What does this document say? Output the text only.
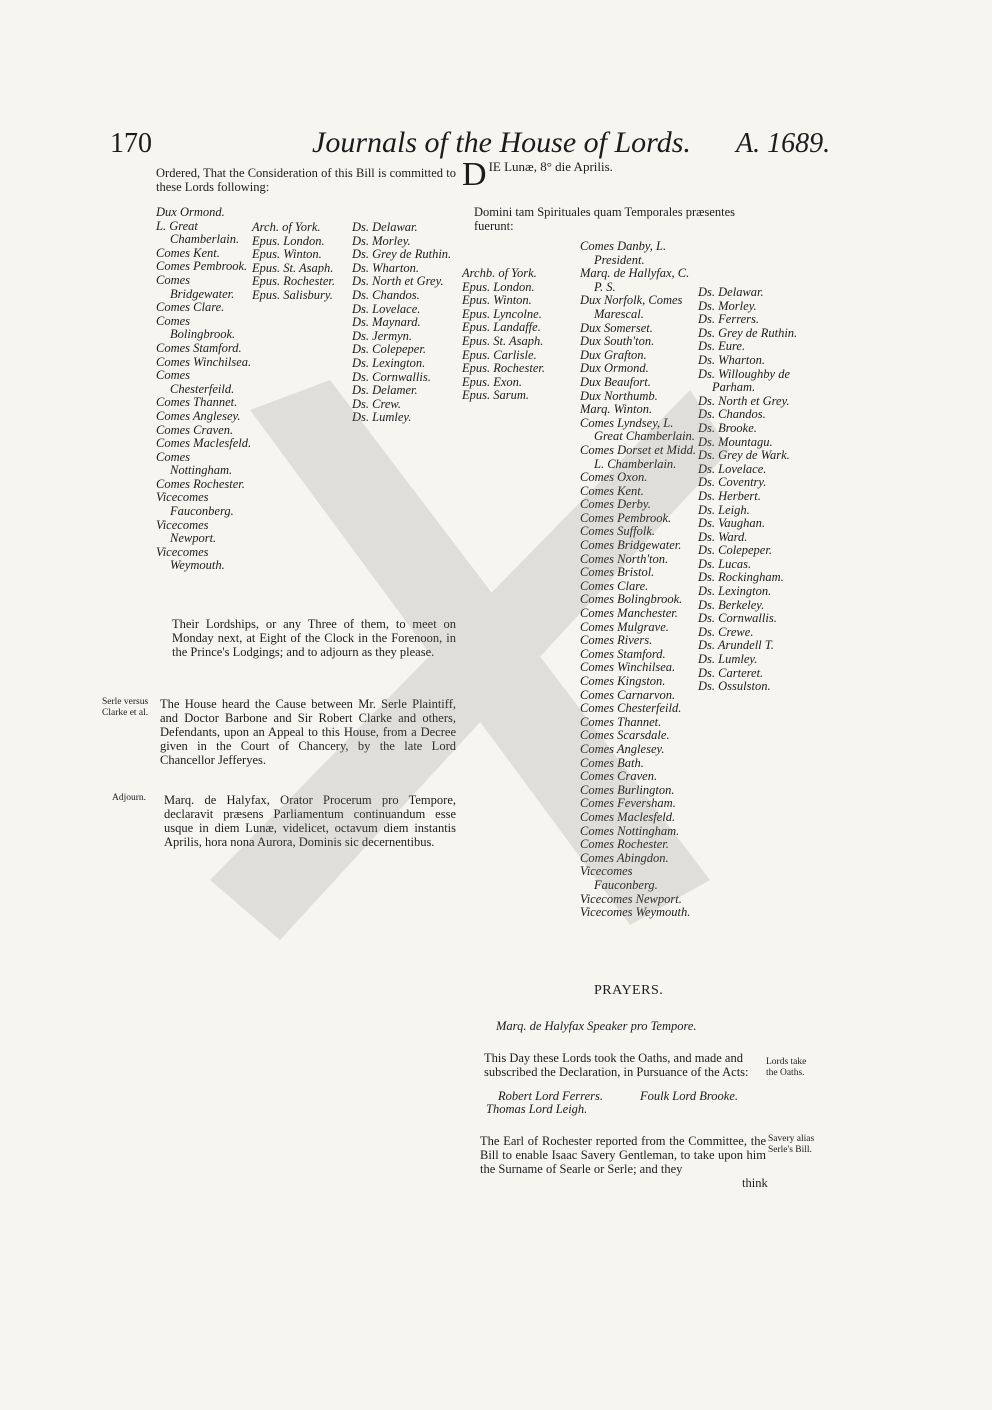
170	Journals of the House of Lords. A. 1689.
Ordered, That the Consideration of this Bill is committed to these Lords following:
Dux Ormond.
L. Great Chamberlain.
Comes Kent.
Comes Pembrook.
Comes Bridgewater.
Comes Clare.
Comes Bolingbrook.
Comes Stamford.
Comes Winchilsea.
Comes Chesterfeild.
Comes Thannet.
Comes Anglesey.
Comes Craven.
Comes Maclesfeld.
Comes Nottingham.
Comes Rochester.
Vicecomes Fauconberg.
Vicecomes Newport.
Vicecomes Weymouth.
Arch. of York.
Epus. London.
Epus. Winton.
Epus. St. Asaph.
Epus. Rochester.
Epus. Salisbury.
Ds. Delawar.
Ds. Morley.
Ds. Grey de Ruthin.
Ds. Wharton.
Ds. North et Grey.
Ds. Chandos.
Ds. Lovelace.
Ds. Maynard.
Ds. Jermyn.
Ds. Colepeper.
Ds. Lexington.
Ds. Cornwallis.
Ds. Delamer.
Ds. Crew.
Ds. Lumley.
Their Lordships, or any Three of them, to meet on Monday next, at Eight of the Clock in the Forenoon, in the Prince's Lodgings; and to adjourn as they please.
Serle versus Clarke et al.
The House heard the Cause between Mr. Serle Plaintiff, and Doctor Barbone and Sir Robert Clarke and others, Defendants, upon an Appeal to this House, from a Decree given in the Court of Chancery, by the late Lord Chancellor Jefferyes.
Adjourn.	Marq. de Halyfax, Orator Procerum pro Tempore, declaravit præsens Parliamentum continuandum esse usque in diem Lunæ, videlicet, octavum diem instantis Aprilis, hora nona Aurora, Dominis sic decernentibus.
D IE Lunæ, 8° die Aprilis.
Domini tam Spirituales quam Temporales præsentes fuerunt:
Archb. of York.
Epus. London.
Epus. Winton.
Epus. Lyncolne.
Epus. Landaffe.
Epus. St. Asaph.
Epus. Carlisle.
Epus. Rochester.
Epus. Exon.
Epus. Sarum.
Comes Danby, L. President.
Marq. de Hallyfax, C. P. S.
Dux Norfolk, Comes Marescal.
Dux Somerset.
Dux South'ton.
Dux Grafton.
Dux Ormond.
Dux Beaufort.
Dux Northumb.
Marq. Winton.
Comes Lyndsey, L. Great Chamberlain.
Comes Dorset et Midd. L. Chamberlain.
Comes Oxon.
Comes Kent.
Comes Derby.
Comes Pembrook.
Comes Suffolk.
Comes Bridgewater.
Comes North'ton.
Comes Bristol.
Comes Clare.
Comes Bolingbrook.
Comes Manchester.
Comes Mulgrave.
Comes Rivers.
Comes Stamford.
Comes Winchilsea.
Comes Kingston.
Comes Carnarvon.
Comes Chesterfeild.
Comes Thannet.
Comes Scarsdale.
Comes Anglesey.
Comes Bath.
Comes Craven.
Comes Burlington.
Comes Feversham.
Comes Maclesfeld.
Comes Nottingham.
Comes Rochester.
Comes Abingdon.
Vicecomes Fauconberg.
Vicecomes Newport.
Vicecomes Weymouth.
Ds. Delawar.
Ds. Morley.
Ds. Ferrers.
Ds. Grey de Ruthin.
Ds. Eure.
Ds. Wharton.
Ds. Willoughby de Parham.
Ds. North et Grey.
Ds. Chandos.
Ds. Brooke.
Ds. Mountagu.
Ds. Grey de Wark.
Ds. Lovelace.
Ds. Coventry.
Ds. Herbert.
Ds. Leigh.
Ds. Vaughan.
Ds. Ward.
Ds. Colepeper.
Ds. Lucas.
Ds. Rockingham.
Ds. Lexington.
Ds. Berkeley.
Ds. Cornwallis.
Ds. Crewe.
Ds. Arundell T.
Ds. Lumley.
Ds. Carteret.
Ds. Ossulston.
PRAYERS.
Marq. de Halyfax Speaker pro Tempore.
This Day these Lords took the Oaths, and made and subscribed the Declaration, in Pursuance of the Acts:
Lords take the Oaths.
Robert Lord Ferrers.	Foulk Lord Brooke.
Thomas Lord Leigh.
The Earl of Rochester reported from the Committee, the Bill to enable Isaac Savery Gentleman, to take upon him the Surname of Searle or Serle; and they
Savery alias Serle's Bill.
think
